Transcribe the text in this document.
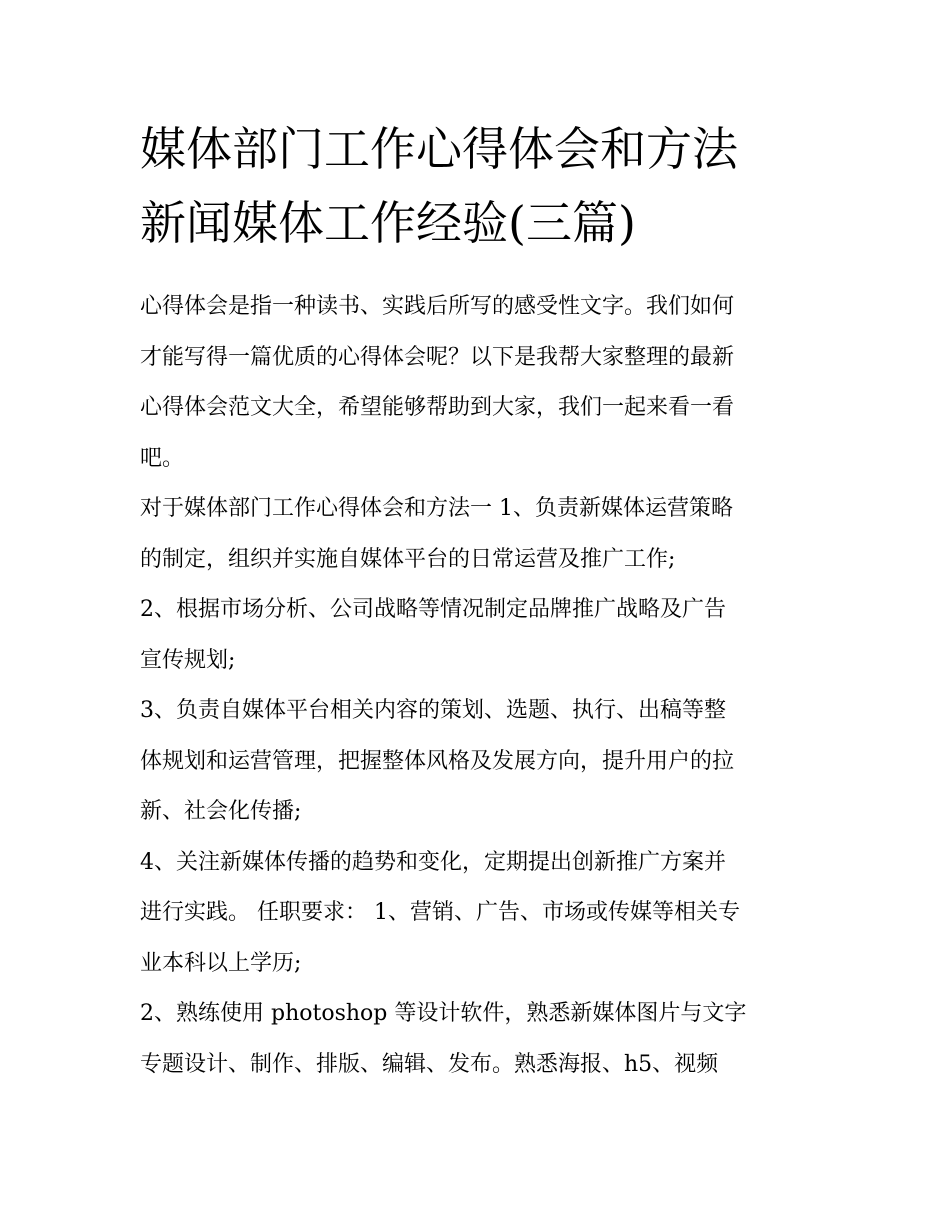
媒体部门工作心得体会和方法
新闻媒体工作经验(三篇)

心得体会是指一种读书、实践后所写的感受性文字。我们如何
才能写得一篇优质的心得体会呢？以下是我帮大家整理的最新
心得体会范文大全，希望能够帮助到大家，我们一起来看一看
吧。

对于媒体部门工作心得体会和方法一 1、负责新媒体运营策略
的制定，组织并实施自媒体平台的日常运营及推广工作;

2、根据市场分析、公司战略等情况制定品牌推广战略及广告
宣传规划;

3、负责自媒体平台相关内容的策划、选题、执行、出稿等整
体规划和运营管理，把握整体风格及发展方向，提升用户的拉
新、社会化传播;

4、关注新媒体传播的趋势和变化，定期提出创新推广方案并
进行实践。 任职要求： 1、营销、广告、市场或传媒等相关专
业本科以上学历;

2、熟练使用 photoshop 等设计软件，熟悉新媒体图片与文字
专题设计、制作、排版、编辑、发布。熟悉海报、h5、视频
